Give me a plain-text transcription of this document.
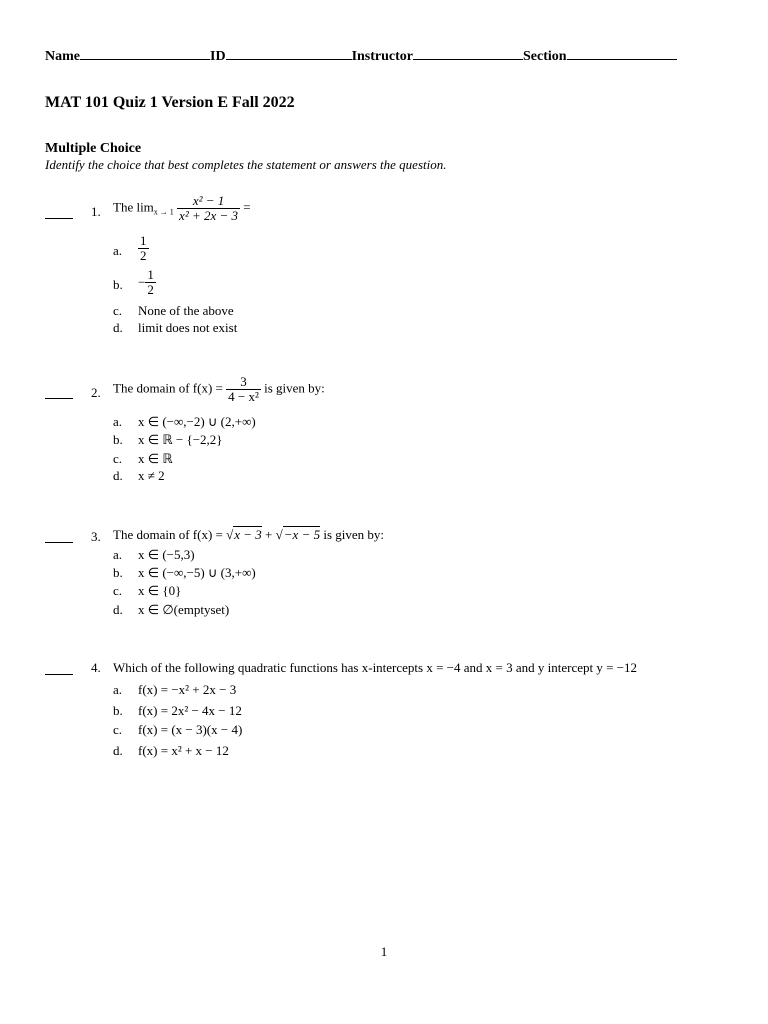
Name	ID	Instructor	Section
MAT 101 Quiz 1 Version E Fall 2022
Multiple Choice
Identify the choice that best completes the statement or answers the question.
1. The $\lim_{x \to 1} \frac{\text{x² − 1}}{\text{x² + 2x − 3}}$ =
a. $\frac{1}{2}$
b. − $\frac{1}{2}$
c. None of the above
d. limit does not exist
2. The domain of $f(x) = \frac{3}{\text{4 − x²}}$ is given by:
a. x ∈ (−∞,−2) ∪ (2,+∞)
b. x ∈ ℝ − {−2,2}
c. x ∈ ℝ
d. x ≠ 2
3. The domain of f(x) = √x − 3 + √−x − 5 is given by:
a. x ∈ (−5,3)
b. x ∈ (−∞,−5) ∪ (3,+∞)
c. x ∈ {0}
d. x ∈ ∅(emptyset)
4. Which of the following quadratic functions has x-intercepts x = −4 and x = 3 and y intercept y = −12
a. f(x) = −x² + 2x − 3
b. f(x) = 2x² − 4x − 12
c. f(x) = (x − 3)(x − 4)
d. f(x) = x² + x − 12
1
